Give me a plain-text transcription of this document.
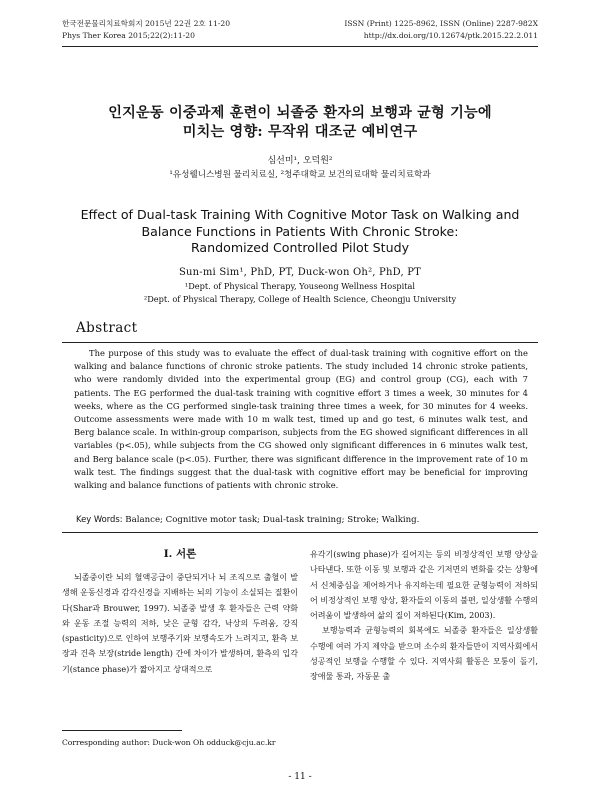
한국전문물리치료학회지 2015년 22권 2호 11-20
Phys Ther Korea 2015;22(2):11-20
ISSN (Print) 1225-8962, ISSN (Online) 2287-982X
http://dx.doi.org/10.12674/ptk.2015.22.2.011
인지운동 이중과제 훈련이 뇌졸중 환자의 보행과 균형 기능에
미치는 영향: 무작위 대조군 예비연구
심선미¹, 오덕원²
¹유성웰니스병원 물리치료실, ²청주대학교 보건의료대학 물리치료학과
Effect of Dual-task Training With Cognitive Motor Task on Walking and
Balance Functions in Patients With Chronic Stroke:
Randomized Controlled Pilot Study
Sun-mi Sim¹, PhD, PT, Duck-won Oh², PhD, PT
¹Dept. of Physical Therapy, Youseong Wellness Hospital
²Dept. of Physical Therapy, College of Health Science, Cheongju University
Abstract
The purpose of this study was to evaluate the effect of dual-task training with cognitive effort on the walking and balance functions of chronic stroke patients. The study included 14 chronic stroke patients, who were randomly divided into the experimental group (EG) and control group (CG), each with 7 patients. The EG performed the dual-task training with cognitive effort 3 times a week, 30 minutes for 4 weeks, where as the CG performed single-task training three times a week, for 30 minutes for 4 weeks. Outcome assessments were made with 10 m walk test, timed up and go test, 6 minutes walk test, and Berg balance scale. In within-group comparison, subjects from the EG showed significant differences in all variables (p<.05), while subjects from the CG showed only significant differences in 6 minutes walk test, and Berg balance scale (p<.05). Further, there was significant difference in the improvement rate of 10 m walk test. The findings suggest that the dual-task with cognitive effort may be beneficial for improving walking and balance functions of patients with chronic stroke.
Key Words: Balance; Cognitive motor task; Dual-task training; Stroke; Walking.
Ⅰ. 서론
뇌졸중이란 뇌의 혈액공급이 중단되거나 뇌 조직으로 출혈이 발생해 운동신경과 감각신경을 지배하는 뇌의 기능이 소실되는 질환이다(Shar과 Brouwer, 1997). 뇌졸중 발생 후 환자들은 근력 약화와 운동 조절 능력의 저하, 낮은 균형 감각, 낙상의 두려움, 강직(spasticity)으로 인하여 보행주기와 보행속도가 느려지고, 환측 보장과 건측 보장(stride length) 간에 차이가 발생하며, 환측의 입각기(stance phase)가 짧아지고 상대적으로

유각기(swing phase)가 길어지는 등의 비정상적인 보행 양상을 나타낸다. 또한 이동 및 보행과 같은 기저면의 변화를 갖는 상황에서 신체중심을 제어하거나 유지하는데 필요한 균형능력이 저하되어 비정상적인 보행 양상, 환자들의 이동의 불편, 일상생활 수행의 어려움이 발생하여 삶의 질이 저하된다(Kim, 2003).

보행능력과 균형능력의 회복에도 뇌졸중 환자들은 일상생활 수행에 여러 가지 제약을 받으며 소수의 환자들만이 지역사회에서 성공적인 보행을 수행할 수 있다. 지역사회 활동은 모퉁이 돌기, 장애물 통과, 자동문 출

Corresponding author: Duck-won Oh odduck@cju.ac.kr
- 11 -
